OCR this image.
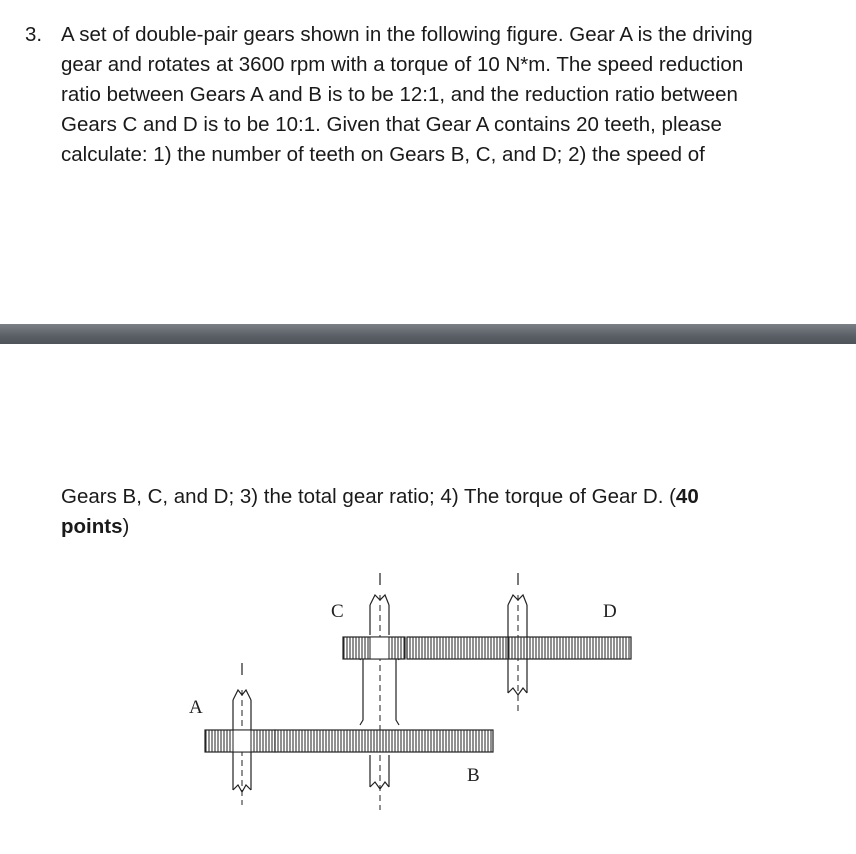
3. A set of double-pair gears shown in the following figure. Gear A is the driving
gear and rotates at 3600 rpm with a torque of 10 N*m. The speed reduction
ratio between Gears A and B is to be 12:1, and the reduction ratio between
Gears C and D is to be 10:1. Given that Gear A contains 20 teeth, please
calculate: 1) the number of teeth on Gears B, C, and D; 2) the speed of
Gears B, C, and D; 3) the total gear ratio; 4) The torque of Gear D. (40
points)
A
B
C	D
